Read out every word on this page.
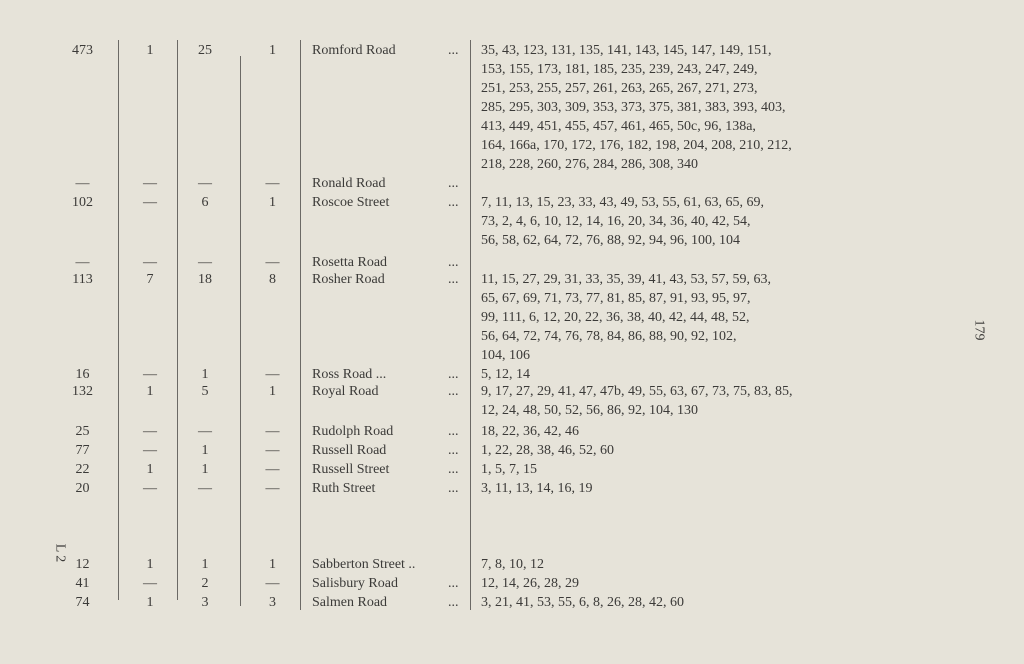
473	1	25	1	Romford Road	... 35, 43, 123, 131, 135, 141, 143, 145, 147, 149, 151,
153, 155, 173, 181, 185, 235, 239, 243, 247, 249,
251, 253, 255, 257, 261, 263, 265, 267, 271, 273,
285, 295, 303, 309, 353, 373, 375, 381, 383, 393, 403,
413, 449, 451, 455, 457, 461, 465, 50c, 96, 138a,
164, 166a, 170, 172, 176, 182, 198, 204, 208, 210, 212,
218, 228, 260, 276, 284, 286, 308, 340
—	—	—	—	Ronald Road	...
102	—	6	1	Roscoe Street	... 7, 11, 13, 15, 23, 33, 43, 49, 53, 55, 61, 63, 65, 69,
73, 2, 4, 6, 10, 12, 14, 16, 20, 34, 36, 40, 42, 54,
56, 58, 62, 64, 72, 76, 88, 92, 94, 96, 100, 104
—	—	—	—	Rosetta Road	...
113	7	18	8	Rosher Road	... 11, 15, 27, 29, 31, 33, 35, 39, 41, 43, 53, 57, 59, 63,
65, 67, 69, 71, 73, 77, 81, 85, 87, 91, 93, 95, 97,
99, 111, 6, 12, 20, 22, 36, 38, 40, 42, 44, 48, 52,
56, 64, 72, 74, 76, 78, 84, 86, 88, 90, 92, 102,
104, 106
16	—	1	—	Ross Road ...	... 5, 12, 14
132	1	5	1	Royal Road	... 9, 17, 27, 29, 41, 47, 47b, 49, 55, 63, 67, 73, 75, 83, 85,
12, 24, 48, 50, 52, 56, 86, 92, 104, 130
25	—	—	—	Rudolph Road	... 18, 22, 36, 42, 46
77	—	1	—	Russell Road	... 1, 22, 28, 38, 46, 52, 60
22	1	1	—	Russell Street	... 1, 5, 7, 15
20	—	—	—	Ruth Street	... 3, 11, 13, 14, 16, 19
12	1	1	1	Sabberton Street ..	7, 8, 10, 12
41	—	2	—	Salisbury Road	... 12, 14, 26, 28, 29
74	1	3	3	Salmen Road	... 3, 21, 41, 53, 55, 6, 8, 26, 28, 42, 60
179
L 2
